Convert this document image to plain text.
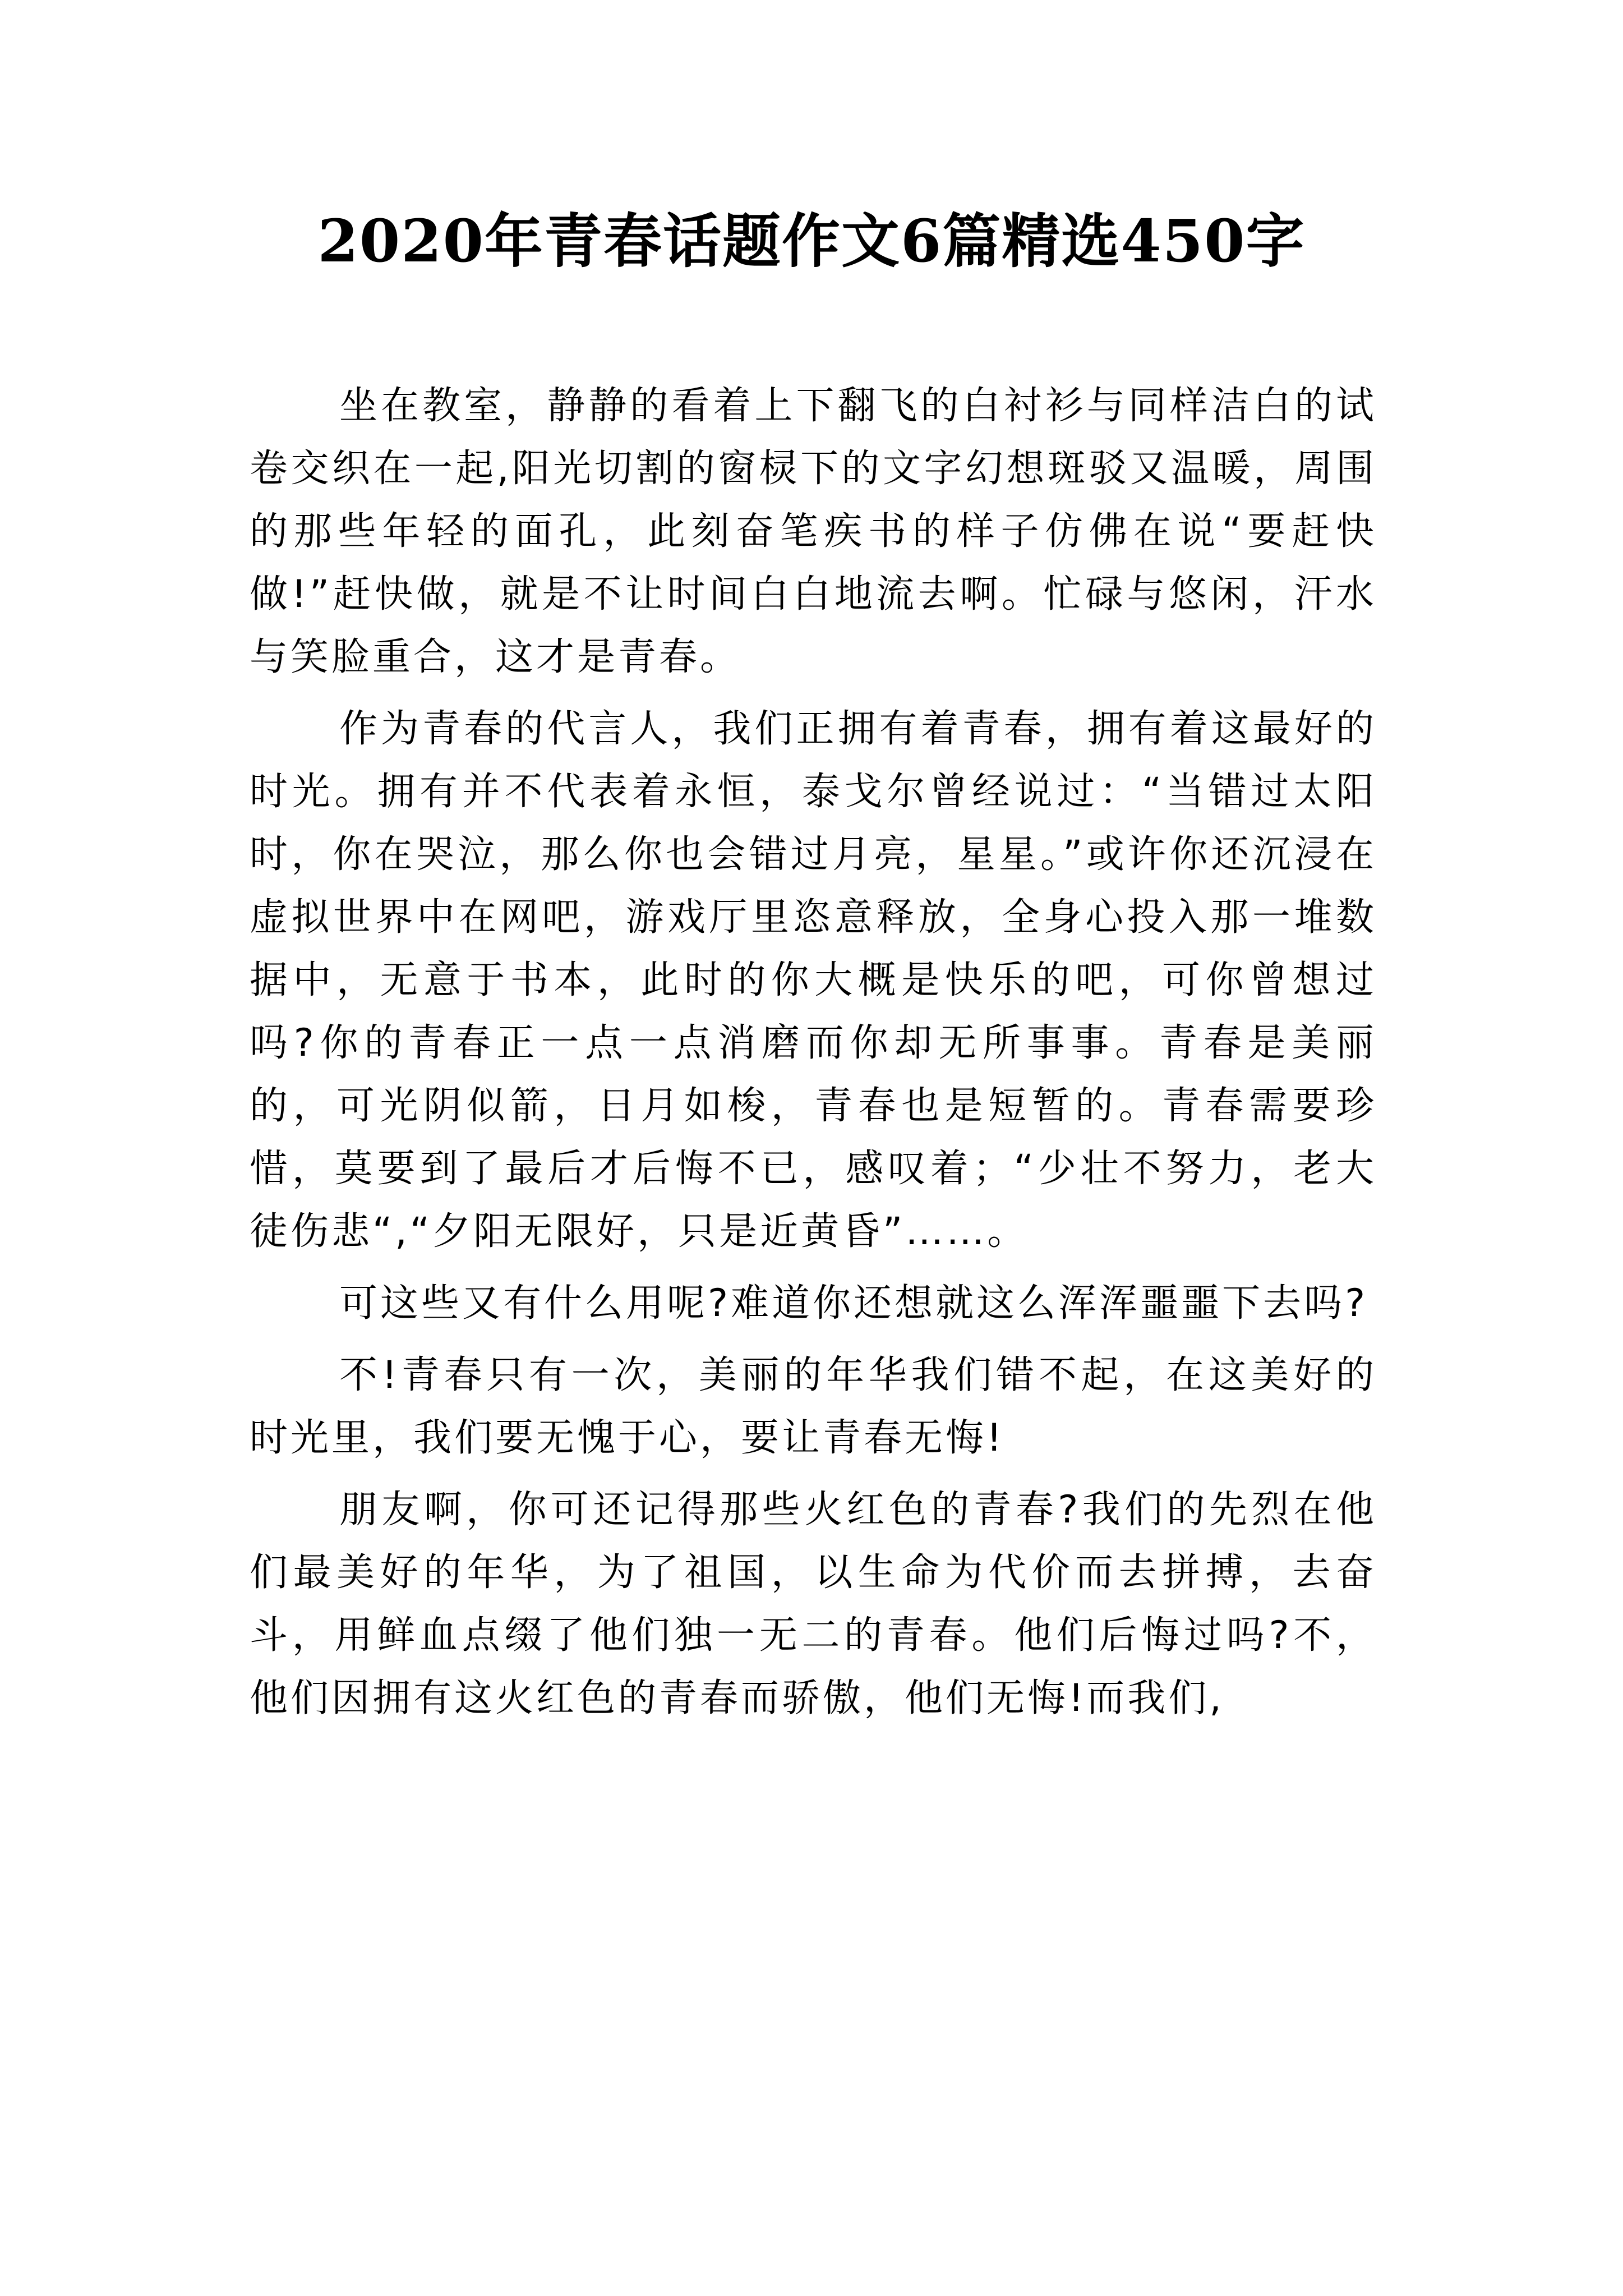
2020年青春话题作文6篇精选450字

坐在教室，静静的看着上下翻飞的白衬衫与同样洁白的试卷交织在一起,阳光切割的窗棂下的文字幻想斑驳又温暖，周围的那些年轻的面孔，此刻奋笔疾书的样子仿佛在说“要赶快做!”赶快做，就是不让时间白白地流去啊。忙碌与悠闲，汗水与笑脸重合，这才是青春。

作为青春的代言人，我们正拥有着青春，拥有着这最好的时光。拥有并不代表着永恒，泰戈尔曾经说过：“当错过太阳时，你在哭泣，那么你也会错过月亮，星星。”或许你还沉浸在虚拟世界中在网吧，游戏厅里恣意释放，全身心投入那一堆数据中，无意于书本，此时的你大概是快乐的吧，可你曾想过吗?你的青春正一点一点消磨而你却无所事事。青春是美丽的，可光阴似箭，日月如梭，青春也是短暂的。青春需要珍惜，莫要到了最后才后悔不已，感叹着；“少壮不努力，老大徒伤悲“,“夕阳无限好，只是近黄昏”……。

可这些又有什么用呢?难道你还想就这么浑浑噩噩下去吗?

不!青春只有一次，美丽的年华我们错不起，在这美好的时光里，我们要无愧于心，要让青春无悔!

朋友啊，你可还记得那些火红色的青春?我们的先烈在他们最美好的年华，为了祖国，以生命为代价而去拼搏，去奋斗，用鲜血点缀了他们独一无二的青春。他们后悔过吗?不，他们因拥有这火红色的青春而骄傲，他们无悔!而我们,
